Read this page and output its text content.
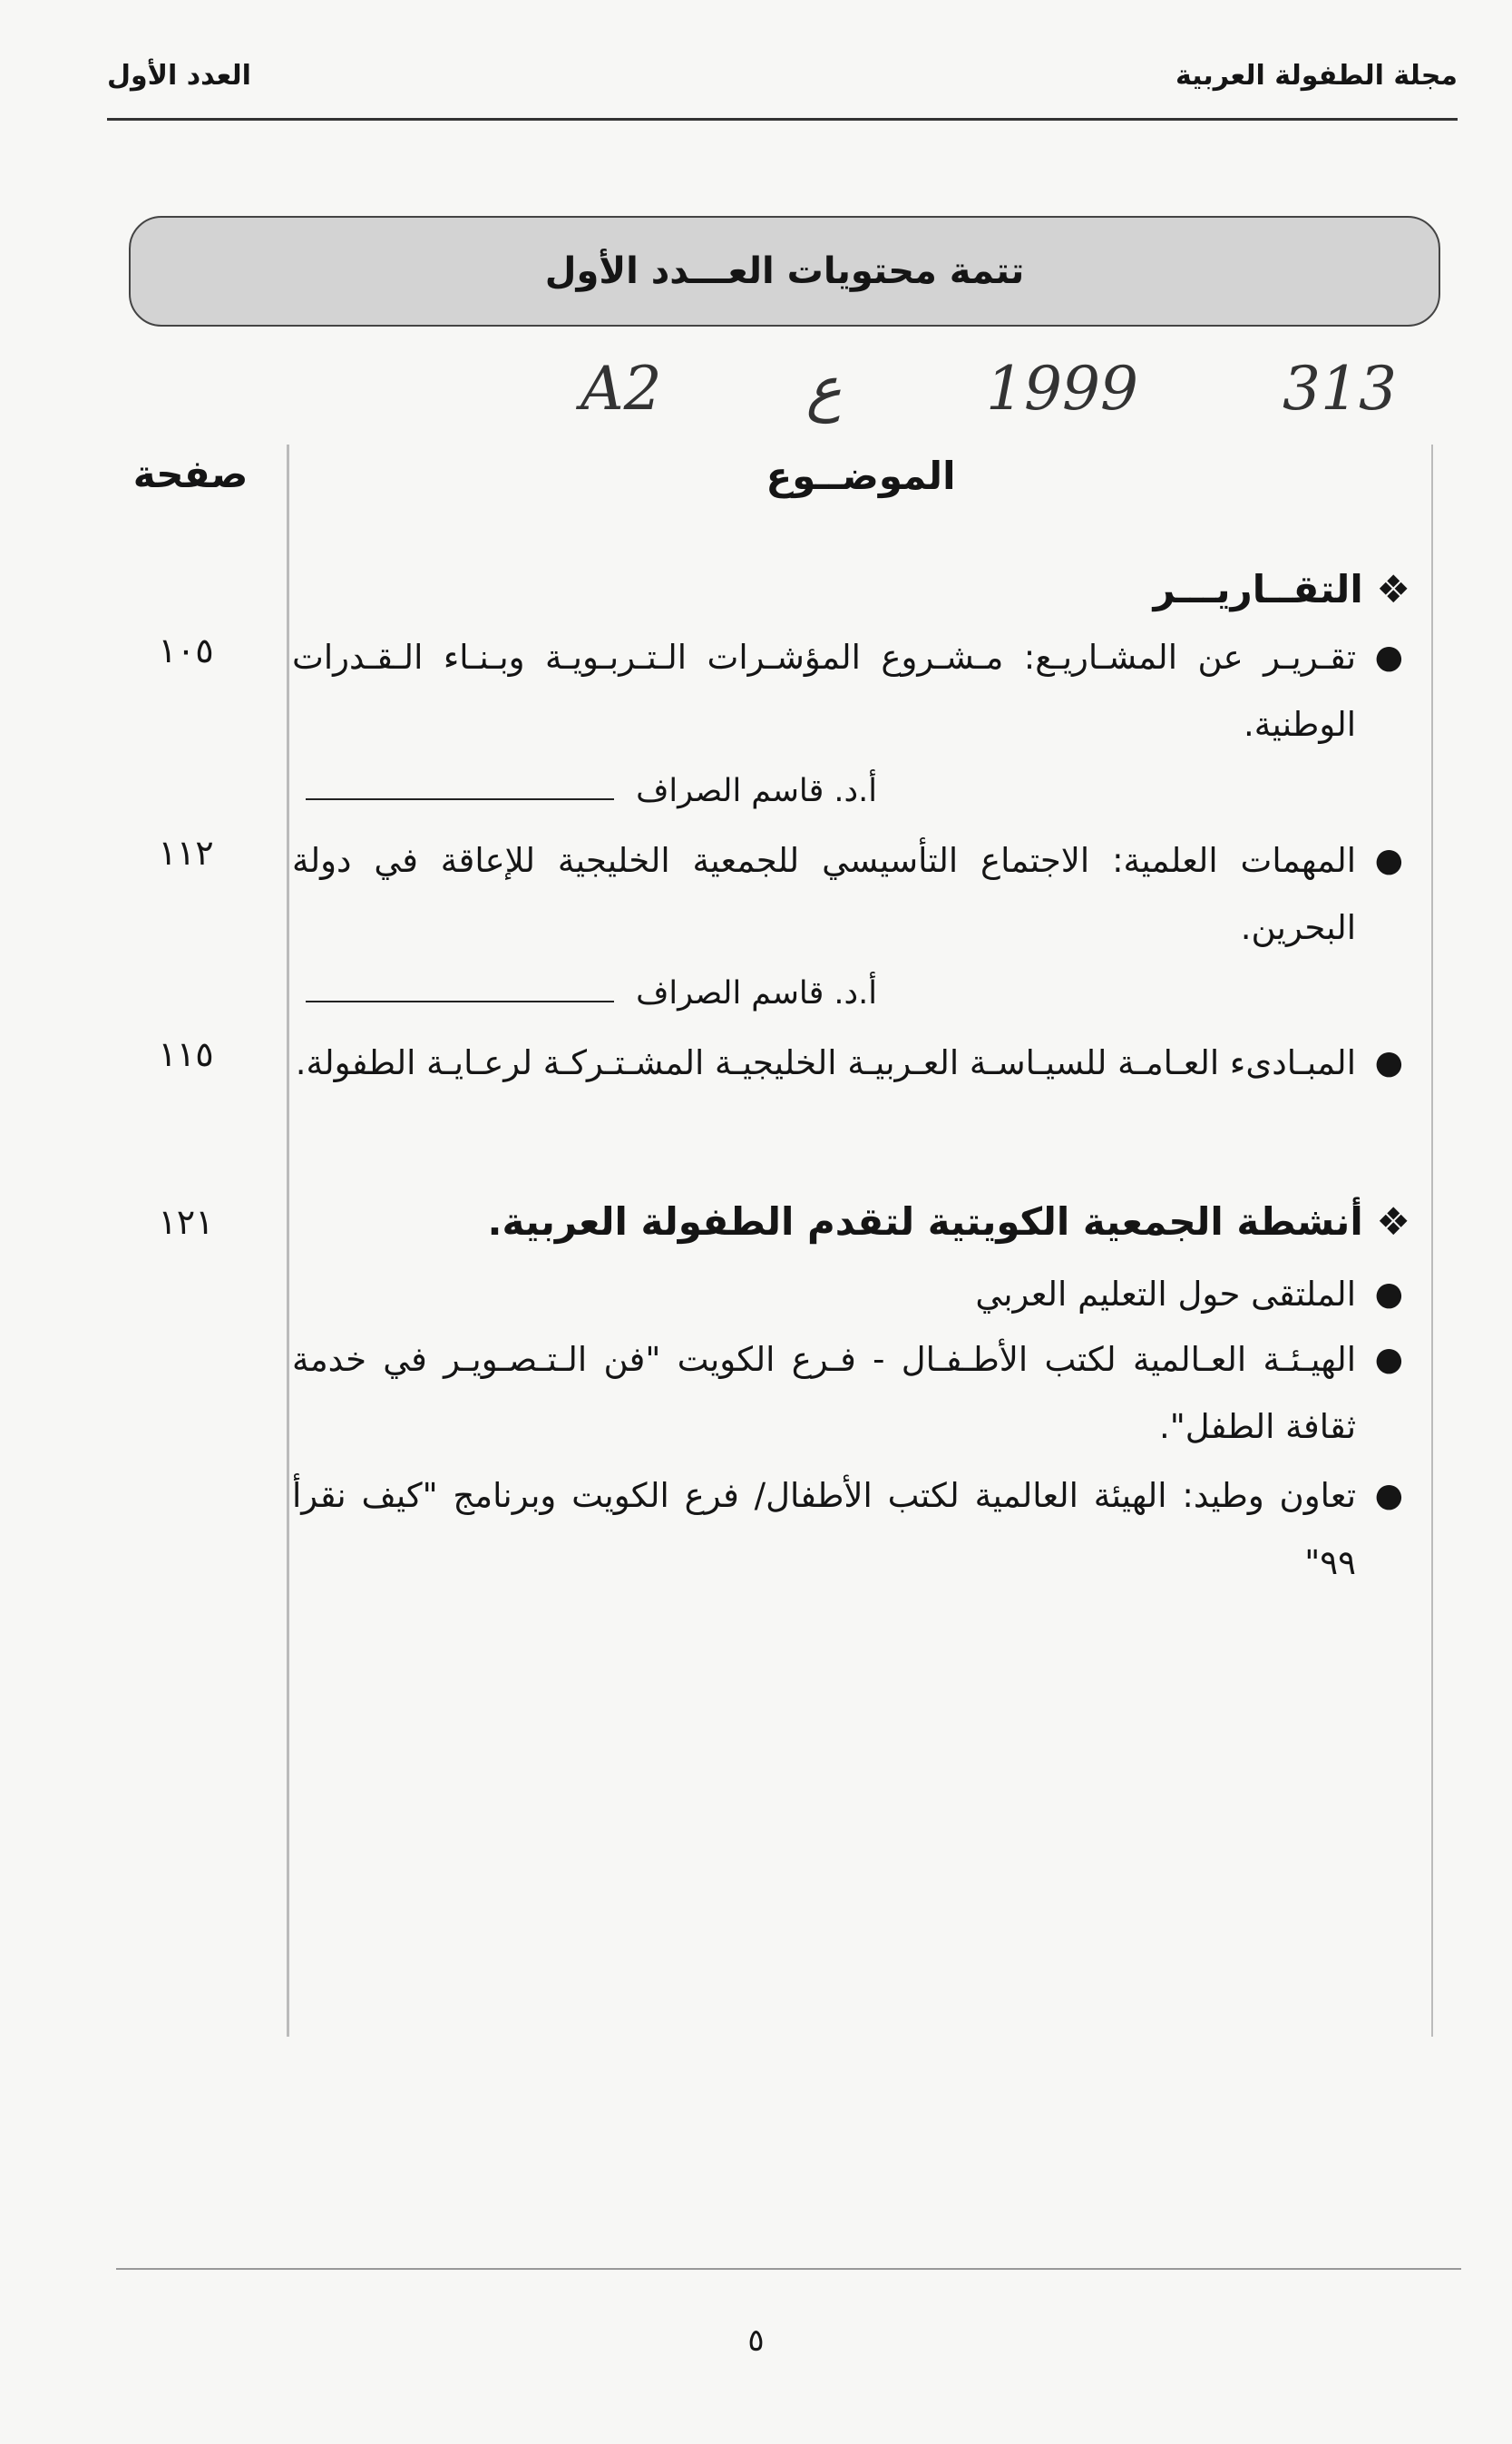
مجلة الطفولة العربية
العدد الأول
تتمة محتويات العـــدد الأول
A2 ع 1999 313
الموضــوع
صفحة
❖ التقــاريـــر
●
تقـريـر عن المشـاريـع: مـشـروع المؤشـرات الـتـربـويـة وبـنـاء الـقـدرات الوطنية.
١٠٥
أ.د. قاسم الصراف
●
المهمات العلمية: الاجتماع التأسيسي للجمعية الخليجية للإعاقة في دولة البحرين.
١١٢
أ.د. قاسم الصراف
●
المبـادىء العـامـة للسيـاسـة العـربيـة الخليجيـة المشـتـركـة لرعـايـة الطفولة.
١١٥
❖ أنشطة الجمعية الكويتية لتقدم الطفولة العربية.
١٢١
●
الملتقى حول التعليم العربي
●
الهيـئـة العـالمية لكتب الأطـفـال - فـرع الكويت "فن الـتـصـويـر في خدمة ثقافة الطفل".
●
تعاون وطيد: الهيئة العالمية لكتب الأطفال/ فرع الكويت وبرنامج "كيف نقرأ ٩٩"
٥
